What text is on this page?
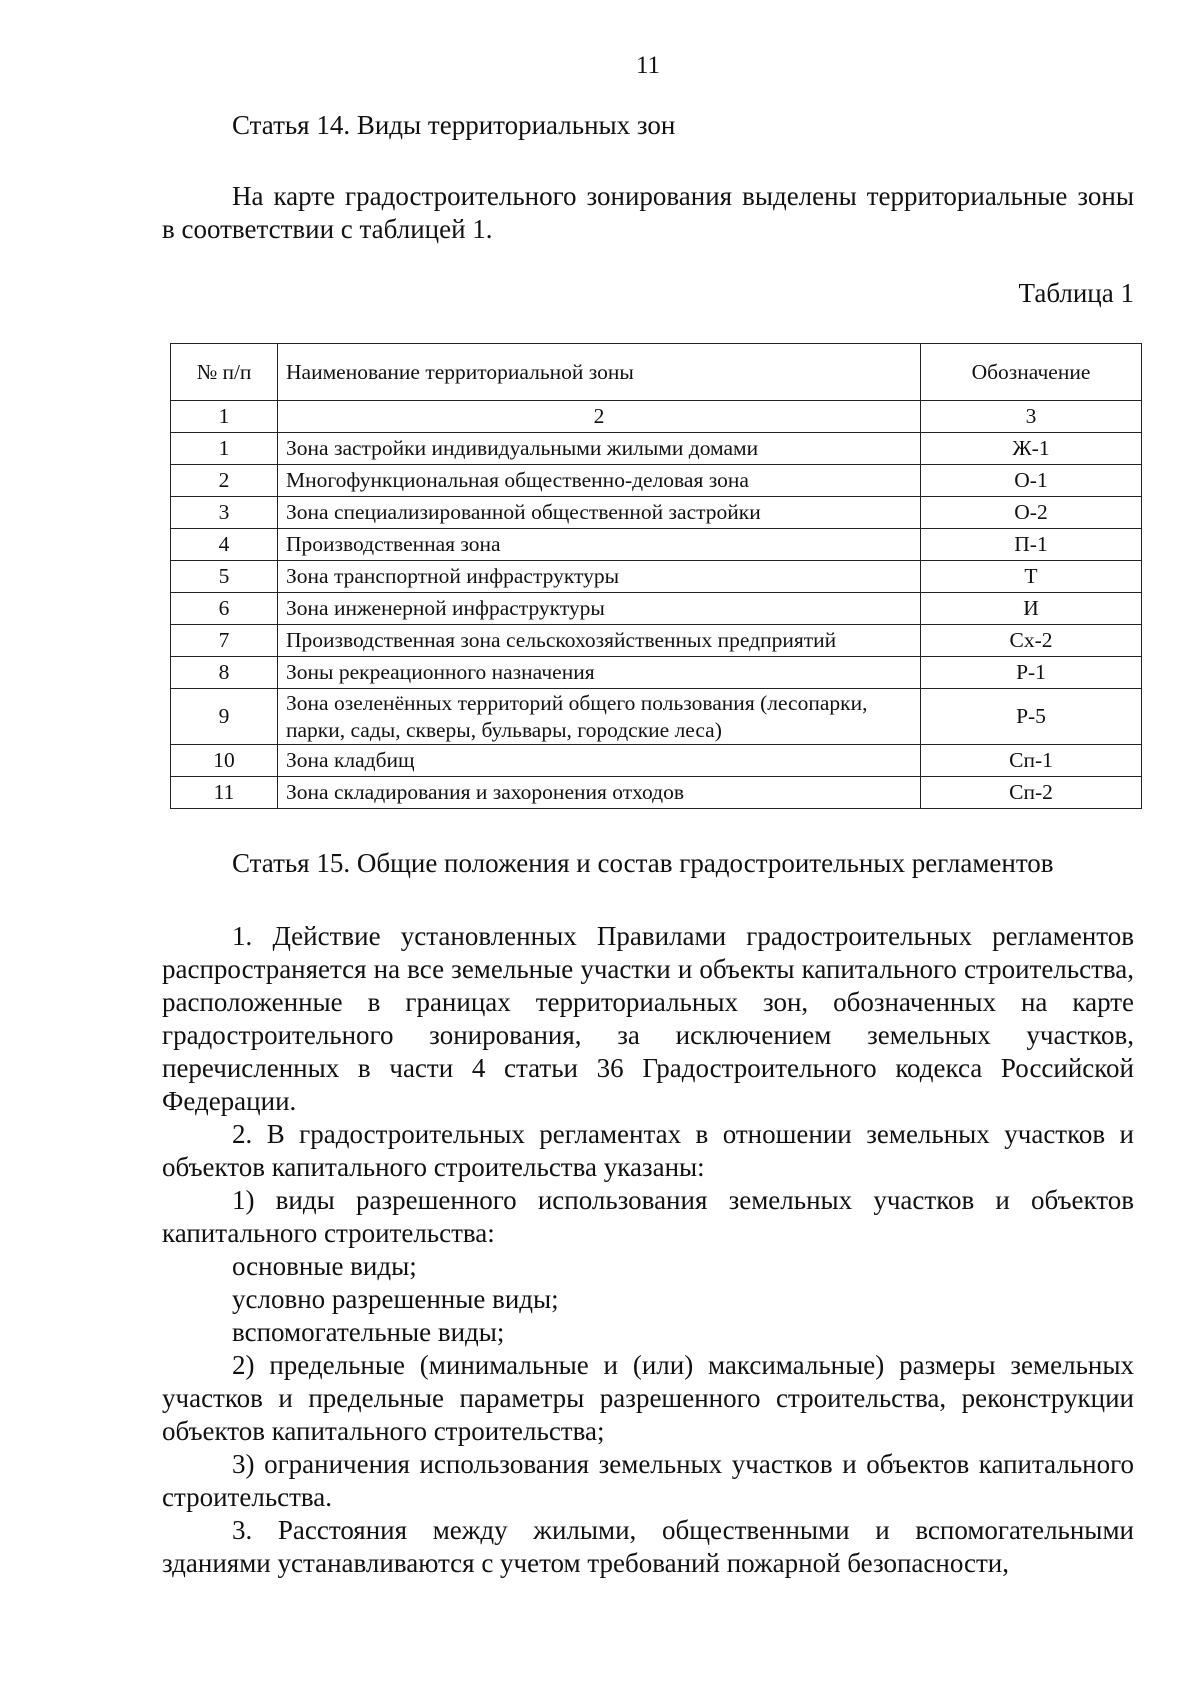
11
Статья 14. Виды территориальных зон
На карте градостроительного зонирования выделены территориальные зоны в соответствии с таблицей 1.
Таблица 1
№ п/п	Наименование территориальной зоны	Обозначение
1	2	3
1	Зона застройки индивидуальными жилыми домами	Ж-1
2	Многофункциональная общественно-деловая зона	О-1
3	Зона специализированной общественной застройки	О-2
4	Производственная зона	П-1
5	Зона транспортной инфраструктуры	Т
6	Зона инженерной инфраструктуры	И
7	Производственная зона сельскохозяйственных предприятий	Сх-2
8	Зоны рекреационного назначения	Р-1
9	Зона озеленённых территорий общего пользования (лесопарки, парки, сады, скверы, бульвары, городские леса)	Р-5
10	Зона кладбищ	Сп-1
11	Зона складирования и захоронения отходов	Сп-2
Статья 15. Общие положения и состав градостроительных регламентов

1. Действие установленных Правилами градостроительных регламентов распространяется на все земельные участки и объекты капитального строительства, расположенные в границах территориальных зон, обозначенных на карте градостроительного зонирования, за исключением земельных участков, перечисленных в части 4 статьи 36 Градостроительного кодекса Российской Федерации.

2. В градостроительных регламентах в отношении земельных участков и объектов капитального строительства указаны:

1) виды разрешенного использования земельных участков и объектов капитального строительства:

основные виды;

условно разрешенные виды;

вспомогательные виды;

2) предельные (минимальные и (или) максимальные) размеры земельных участков и предельные параметры разрешенного строительства, реконструкции объектов капитального строительства;

3) ограничения использования земельных участков и объектов капитального строительства.

3. Расстояния между жилыми, общественными и вспомогательными зданиями устанавливаются с учетом требований пожарной безопасности,
